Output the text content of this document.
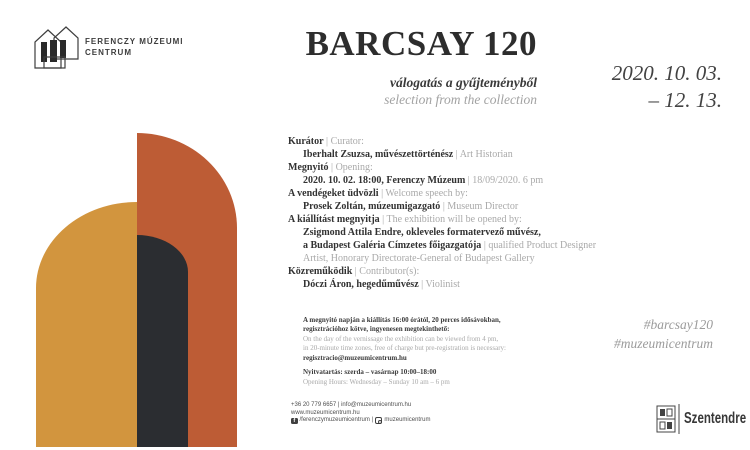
FERENCZY MÚZEUMI
CENTRUM	BARCSAY 120
válogatás a gyűjteményből
selection from the collection
2020. 10. 03.
– 12. 13.
Kurátor | Curator:
Iberhalt Zsuzsa, művészettörténész | Art Historian
Megnyitó | Opening:
2020. 10. 02. 18:00, Ferenczy Múzeum | 18/09/2020. 6 pm
A vendégeket üdvözli | Welcome speech by:
Prosek Zoltán, múzeumigazgató | Museum Director
A kiállítást megnyitja | The exhibition will be opened by:
Zsigmond Attila Endre, okleveles formatervező művész,
a Budapest Galéria Címzetes főigazgatója | qualified Product Designer
Artist, Honorary Directorate-General of Budapest Gallery
Közreműködik | Contributor(s):
Dóczi Áron, hegedűművész | Violinist
A megnyitó napján a kiállítás 16:00 órától, 20 perces idősávokban,
regisztrációhoz kötve, ingyenesen megtekinthető:
On the day of the vernissage the exhibition can be viewed from 4 pm,
in 20-minute time zones, free of charge but pre-registration is necessary:
regisztracio@muzeumicentrum.hu
Nyitvatartás: szerda – vasárnap 10:00–18:00
Opening Hours: Wednesday – Sunday 10 am – 6 pm
+36 20 779 6657 | info@muzeumicentrum.hu
www.muzeumicentrum.hu
f
/ferenczymuzeumicentrum | muzeumicentrum
#barcsay120
#muzeumicentrum
Szentendre
